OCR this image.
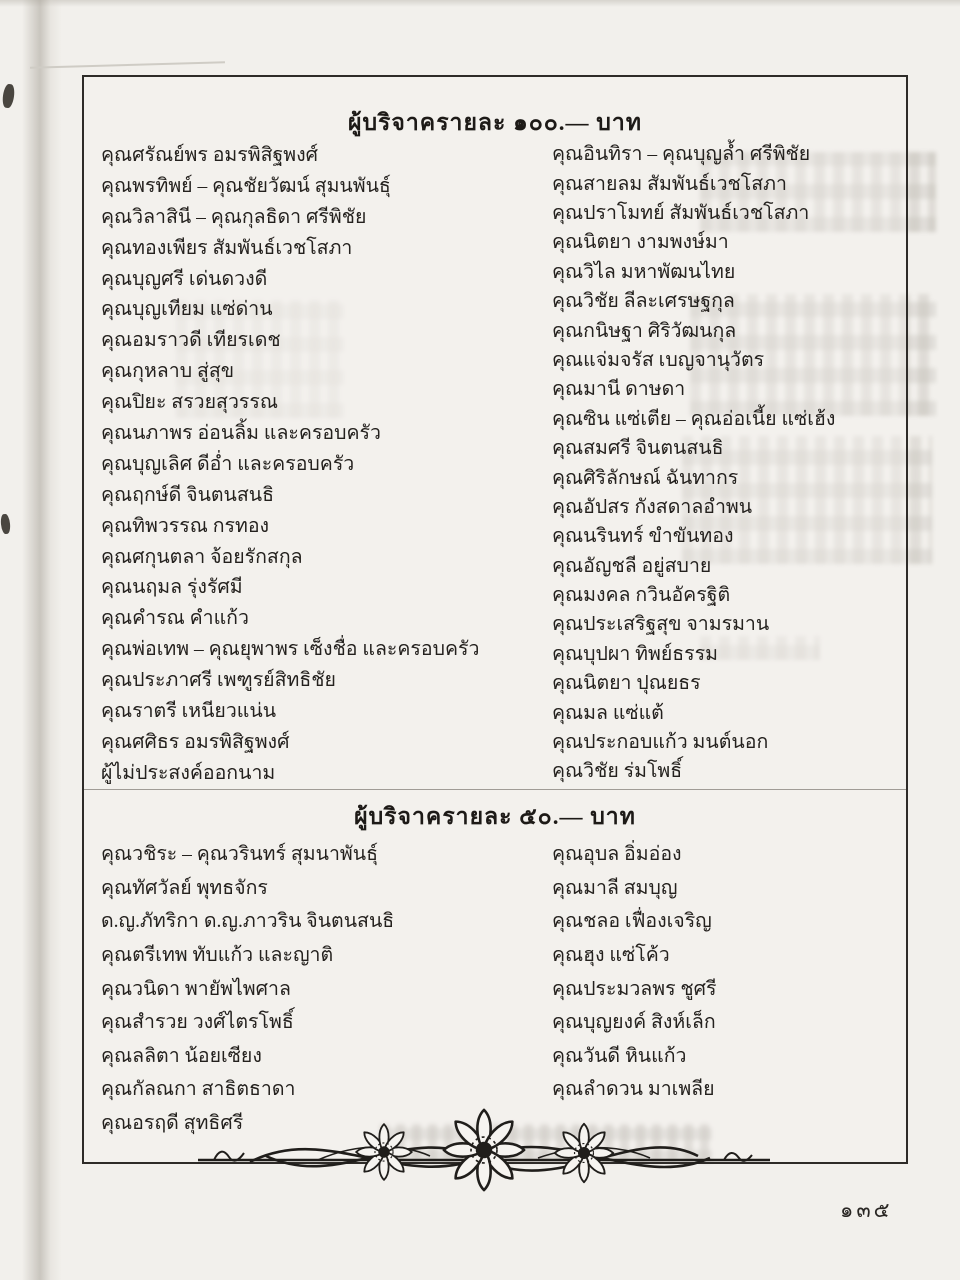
ผู้บริจาครายละ ๑๐๐.— บาท
คุณศรัณย์พร อมรพิสิฐพงศ์
คุณพรทิพย์ – คุณชัยวัฒน์ สุมนพันธุ์
คุณวิลาสินี – คุณกุลธิดา ศรีพิชัย
คุณทองเพียร สัมพันธ์เวชโสภา
คุณบุญศรี เด่นดวงดี
คุณบุญเทียม แซ่ด่าน
คุณอมราวดี เทียรเดช
คุณกุหลาบ สู่สุข
คุณปิยะ สรวยสุวรรณ
คุณนภาพร อ่อนลิ้ม และครอบครัว
คุณบุญเลิศ ดีอ่ำ และครอบครัว
คุณฤกษ์ดี จินตนสนธิ
คุณทิพวรรณ กรทอง
คุณศกุนตลา จ้อยรักสกุล
คุณนฤมล รุ่งรัศมี
คุณคำรณ คำแก้ว
คุณพ่อเทพ – คุณยุพาพร เซ็งชื่อ และครอบครัว
คุณประภาศรี เพฑูรย์สิทธิชัย
คุณราตรี เหนียวแน่น
คุณศศิธร อมรพิสิฐพงศ์
ผู้ไม่ประสงค์ออกนาม
คุณอินทิรา – คุณบุญล้ำ ศรีพิชัย
คุณสายลม สัมพันธ์เวชโสภา
คุณปราโมทย์ สัมพันธ์เวชโสภา
คุณนิตยา งามพงษ์มา
คุณวิไล มหาพัฒนไทย
คุณวิชัย ลีละเศรษฐกุล
คุณกนิษฐา ศิริวัฒนกุล
คุณแจ่มจรัส เบญจานุวัตร
คุณมานี ดาษดา
คุณซิน แซ่เตีย – คุณอ่อเนี้ย แซ่เฮ้ง
คุณสมศรี จินตนสนธิ
คุณศิริลักษณ์ ฉันทากร
คุณอัปสร กังสดาลอำพน
คุณนรินทร์ ขำขันทอง
คุณอัญชลี อยู่สบาย
คุณมงคล กวินอัครฐิติ
คุณประเสริฐสุข จามรมาน
คุณบุปผา ทิพย์ธรรม
คุณนิตยา ปุณยธร
คุณมล แซ่แต้
คุณประกอบแก้ว มนต์นอก
คุณวิชัย ร่มโพธิ์
ผู้บริจาครายละ ๕๐.— บาท
คุณวชิระ – คุณวรินทร์ สุมนาพันธุ์
คุณทัศวัลย์ พุทธจักร
ด.ญ.ภัทริกา ด.ญ.ภาวริน จินตนสนธิ
คุณตรีเทพ ทับแก้ว และญาติ
คุณวนิดา พายัพไพศาล
คุณสำรวย วงศ์ไตรโพธิ์
คุณลลิตา น้อยเซียง
คุณกัลณกา สาธิตธาดา
คุณอรฤดี สุทธิศรี
คุณอุบล อิ่มอ่อง
คุณมาลี สมบุญ
คุณชลอ เฟื่องเจริญ
คุณฮุง แซ่โค้ว
คุณประมวลพร ชูศรี
คุณบุญยงค์ สิงห์เล็ก
คุณวันดี หินแก้ว
คุณลำดวน มาเพลีย
๑๓๕
